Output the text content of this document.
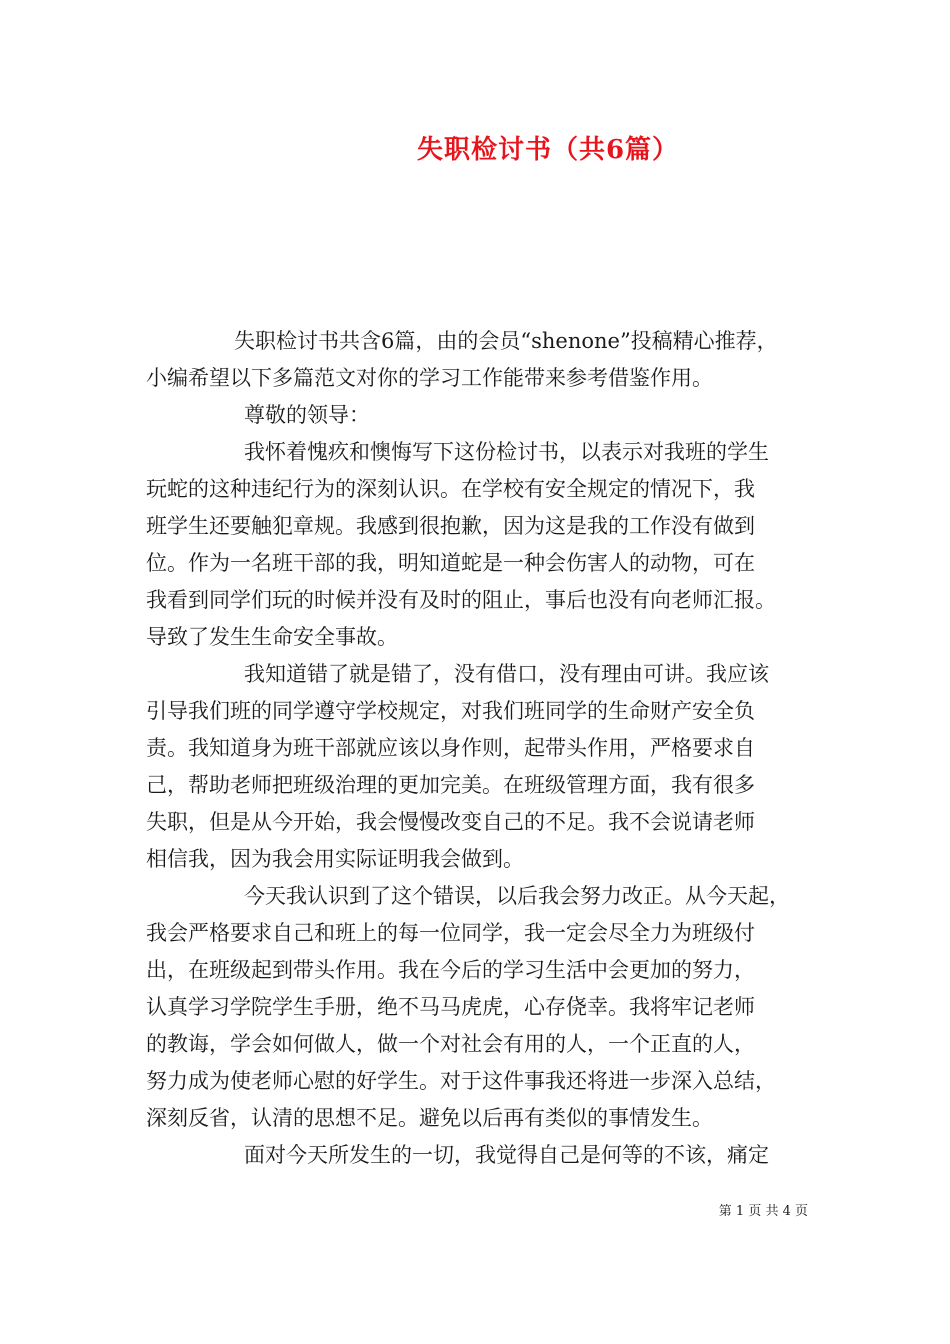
失职检讨书（共6篇）
失职检讨书共含6篇，由的会员“shenone”投稿精心推荐，
小编希望以下多篇范文对你的学习工作能带来参考借鉴作用。
尊敬的领导：
我怀着愧疚和懊悔写下这份检讨书，以表示对我班的学生
玩蛇的这种违纪行为的深刻认识。在学校有安全规定的情况下，我
班学生还要触犯章规。我感到很抱歉，因为这是我的工作没有做到
位。作为一名班干部的我，明知道蛇是一种会伤害人的动物，可在
我看到同学们玩的时候并没有及时的阻止，事后也没有向老师汇报。
导致了发生生命安全事故。
我知道错了就是错了，没有借口，没有理由可讲。我应该
引导我们班的同学遵守学校规定，对我们班同学的生命财产安全负
责。我知道身为班干部就应该以身作则，起带头作用，严格要求自
己，帮助老师把班级治理的更加完美。在班级管理方面，我有很多
失职，但是从今开始，我会慢慢改变自己的不足。我不会说请老师
相信我，因为我会用实际证明我会做到。
今天我认识到了这个错误，以后我会努力改正。从今天起，
我会严格要求自己和班上的每一位同学，我一定会尽全力为班级付
出，在班级起到带头作用。我在今后的学习生活中会更加的努力，
认真学习学院学生手册，绝不马马虎虎，心存侥幸。我将牢记老师
的教诲，学会如何做人，做一个对社会有用的人，一个正直的人，
努力成为使老师心慰的好学生。对于这件事我还将进一步深入总结，
深刻反省，认清的思想不足。避免以后再有类似的事情发生。
面对今天所发生的一切，我觉得自己是何等的不该，痛定
第 1 页 共 4 页
